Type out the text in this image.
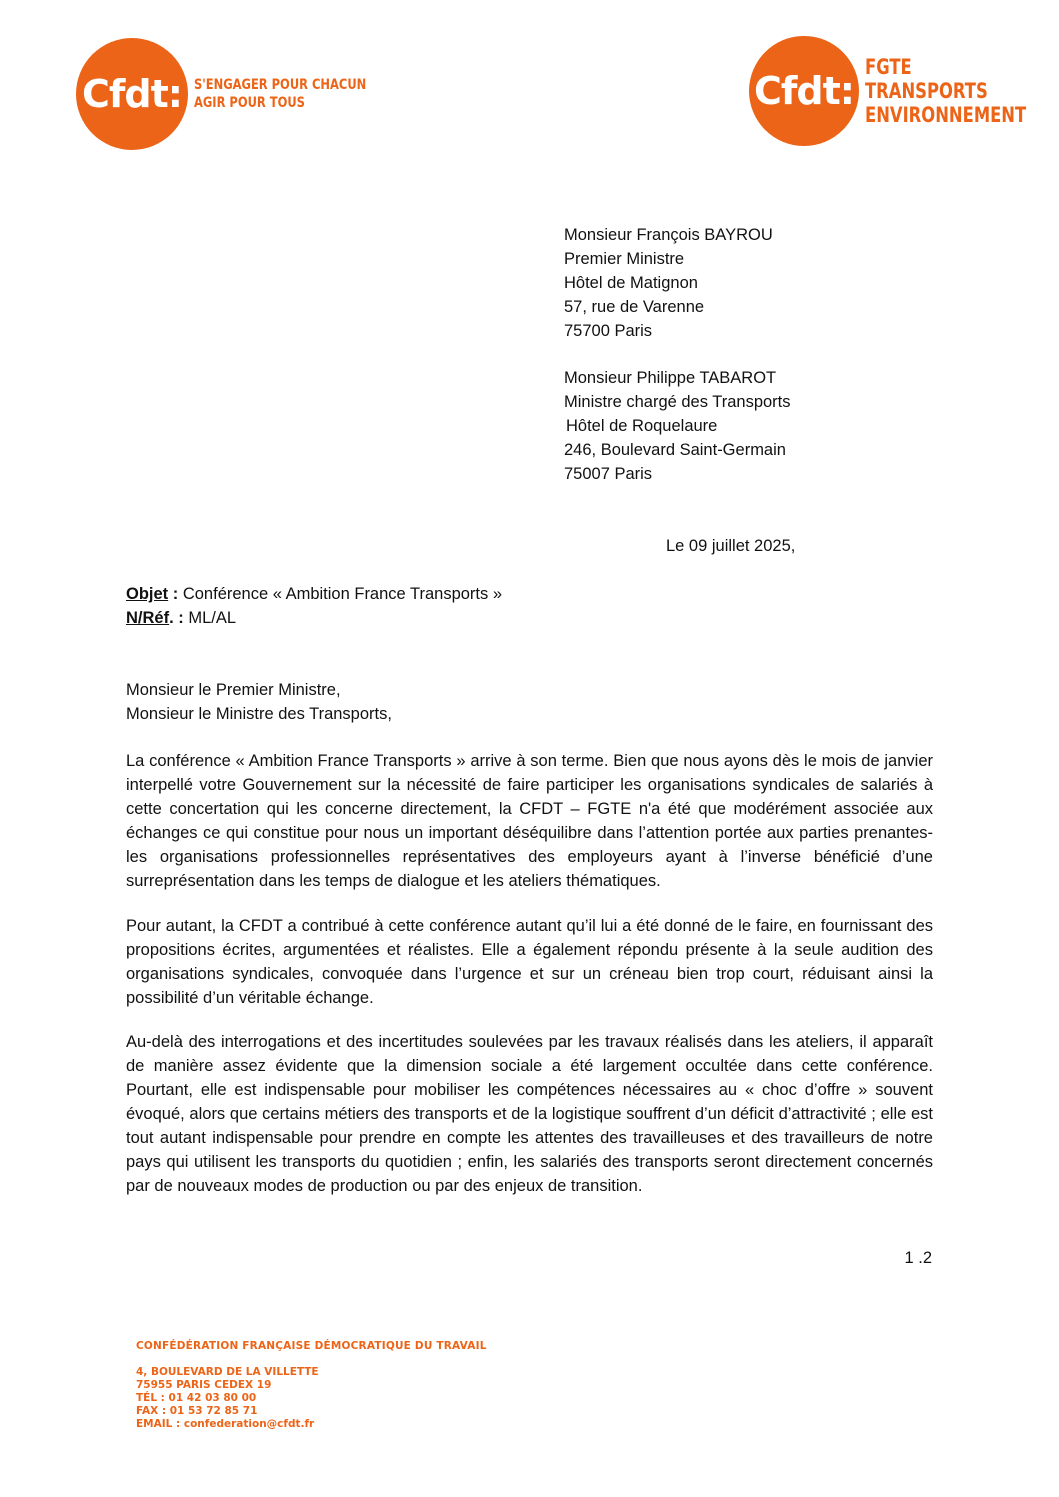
Cfdt: S'ENGAGER POUR CHACUN
AGIR POUR TOUS	Cfdt:
FGTE
TRANSPORTS
ENVIRONNEMENT
Monsieur François BAYROU
Premier Ministre
Hôtel de Matignon
57, rue de Varenne
75700 Paris
Monsieur Philippe TABAROT
Ministre chargé des Transports
Hôtel de Roquelaure
246, Boulevard Saint-Germain
75007 Paris
Le 09 juillet 2025,
Objet : Conférence « Ambition France Transports »
N/Réf. : ML/AL
Monsieur le Premier Ministre,
Monsieur le Ministre des Transports,
La conférence « Ambition France Transports » arrive à son terme. Bien que nous ayons dès le mois de janvier interpellé votre Gouvernement sur la nécessité de faire participer les organisations syndicales de salariés à cette concertation qui les concerne directement, la CFDT – FGTE n'a été que modérément associée aux échanges ce qui constitue pour nous un important déséquilibre dans l’attention portée aux parties prenantes-les organisations professionnelles représentatives des employeurs ayant à l’inverse bénéficié d’une surreprésentation dans les temps de dialogue et les ateliers thématiques.
Pour autant, la CFDT a contribué à cette conférence autant qu’il lui a été donné de le faire, en fournissant des propositions écrites, argumentées et réalistes. Elle a également répondu présente à la seule audition des organisations syndicales, convoquée dans l’urgence et sur un créneau bien trop court, réduisant ainsi la possibilité d’un véritable échange.
Au-delà des interrogations et des incertitudes soulevées par les travaux réalisés dans les ateliers, il apparaît de manière assez évidente que la dimension sociale a été largement occultée dans cette conférence. Pourtant, elle est indispensable pour mobiliser les compétences nécessaires au « choc d’offre » souvent évoqué, alors que certains métiers des transports et de la logistique souffrent d’un déficit d’attractivité ; elle est tout autant indispensable pour prendre en compte les attentes des travailleuses et des travailleurs de notre pays qui utilisent les transports du quotidien ; enfin, les salariés des transports seront directement concernés par de nouveaux modes de production ou par des enjeux de transition.
1 .2
CONFÉDÉRATION FRANÇAISE DÉMOCRATIQUE DU TRAVAIL
4, BOULEVARD DE LA VILLETTE
75955 PARIS CEDEX 19
TÉL : 01 42 03 80 00
FAX : 01 53 72 85 71
EMAIL : confederation@cfdt.fr
